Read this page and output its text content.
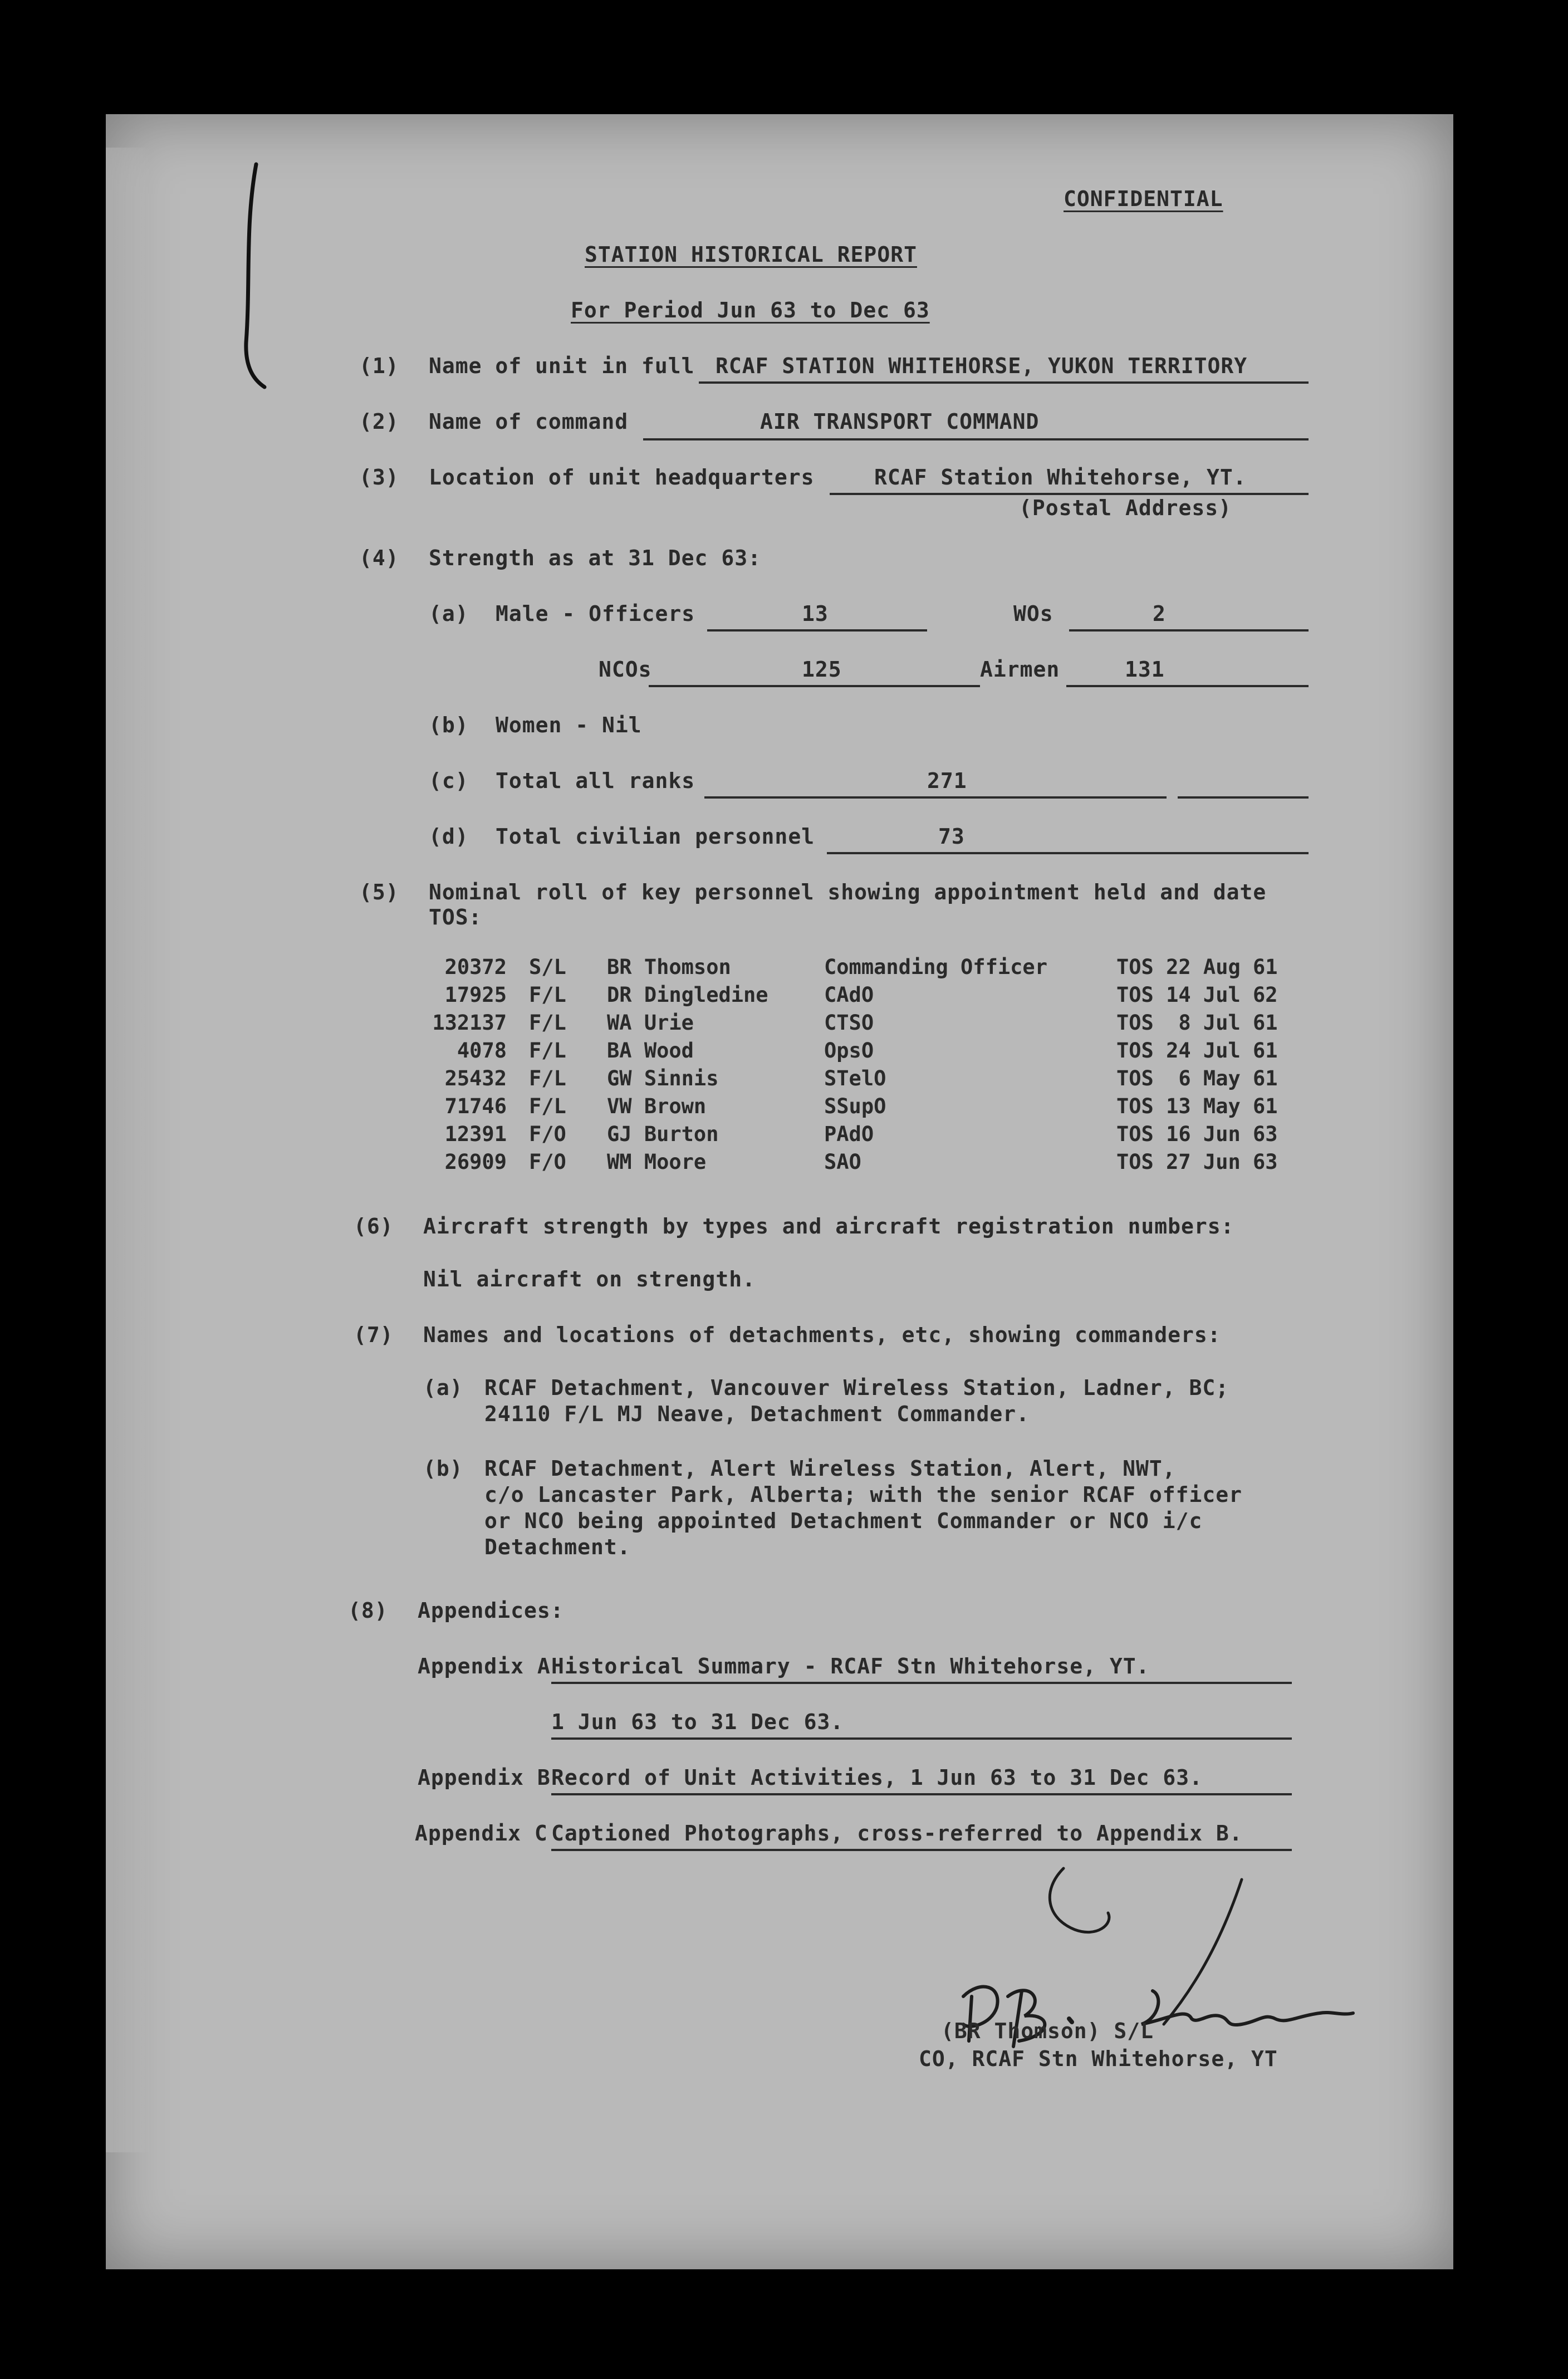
CONFIDENTIAL
STATION HISTORICAL REPORT
For Period Jun 63 to Dec 63
(1) Name of unit in full RCAF STATION WHITEHORSE, YUKON TERRITORY
(2) Name of command	AIR TRANSPORT COMMAND
(3) Location of unit headquarters	RCAF Station Whitehorse, YT.
(Postal Address)
(4) Strength as at 31 Dec 63:
(a) Male - Officers	13	WOs	2
NCOs	125	Airmen	131
(b) Women - Nil
(c) Total all ranks	271
(d) Total civilian personnel	73
(5) Nominal roll of key personnel showing appointment held and date
TOS:
20372 S/L BR Thomson	Commanding Officer	TOS 22 Aug 61
17925 F/L DR Dingledine	CAdO	TOS 14 Jul 62
132137 F/L WA Urie	CTSO	TOS  8 Jul 61
4078 F/L BA Wood	OpsO	TOS 24 Jul 61
25432 F/L GW Sinnis	STelO	TOS  6 May 61
71746 F/L VW Brown	SSupO	TOS 13 May 61
12391 F/O GJ Burton	PAdO	TOS 16 Jun 63
26909 F/O WM Moore	SAO	TOS 27 Jun 63
(6) Aircraft strength by types and aircraft registration numbers:
Nil aircraft on strength.
(7) Names and locations of detachments, etc, showing commanders:
(a) RCAF Detachment, Vancouver Wireless Station, Ladner, BC;
24110 F/L MJ Neave, Detachment Commander.
(b) RCAF Detachment, Alert Wireless Station, Alert, NWT,
c/o Lancaster Park, Alberta; with the senior RCAF officer
or NCO being appointed Detachment Commander or NCO i/c
Detachment.
(8) Appendices:
Appendix A Historical Summary - RCAF Stn Whitehorse, YT.
1 Jun 63 to 31 Dec 63.
Appendix B Record of Unit Activities, 1 Jun 63 to 31 Dec 63.
Appendix C Captioned Photographs, cross-referred to Appendix B.
(BR Thomson) S/L
CO, RCAF Stn Whitehorse, YT
